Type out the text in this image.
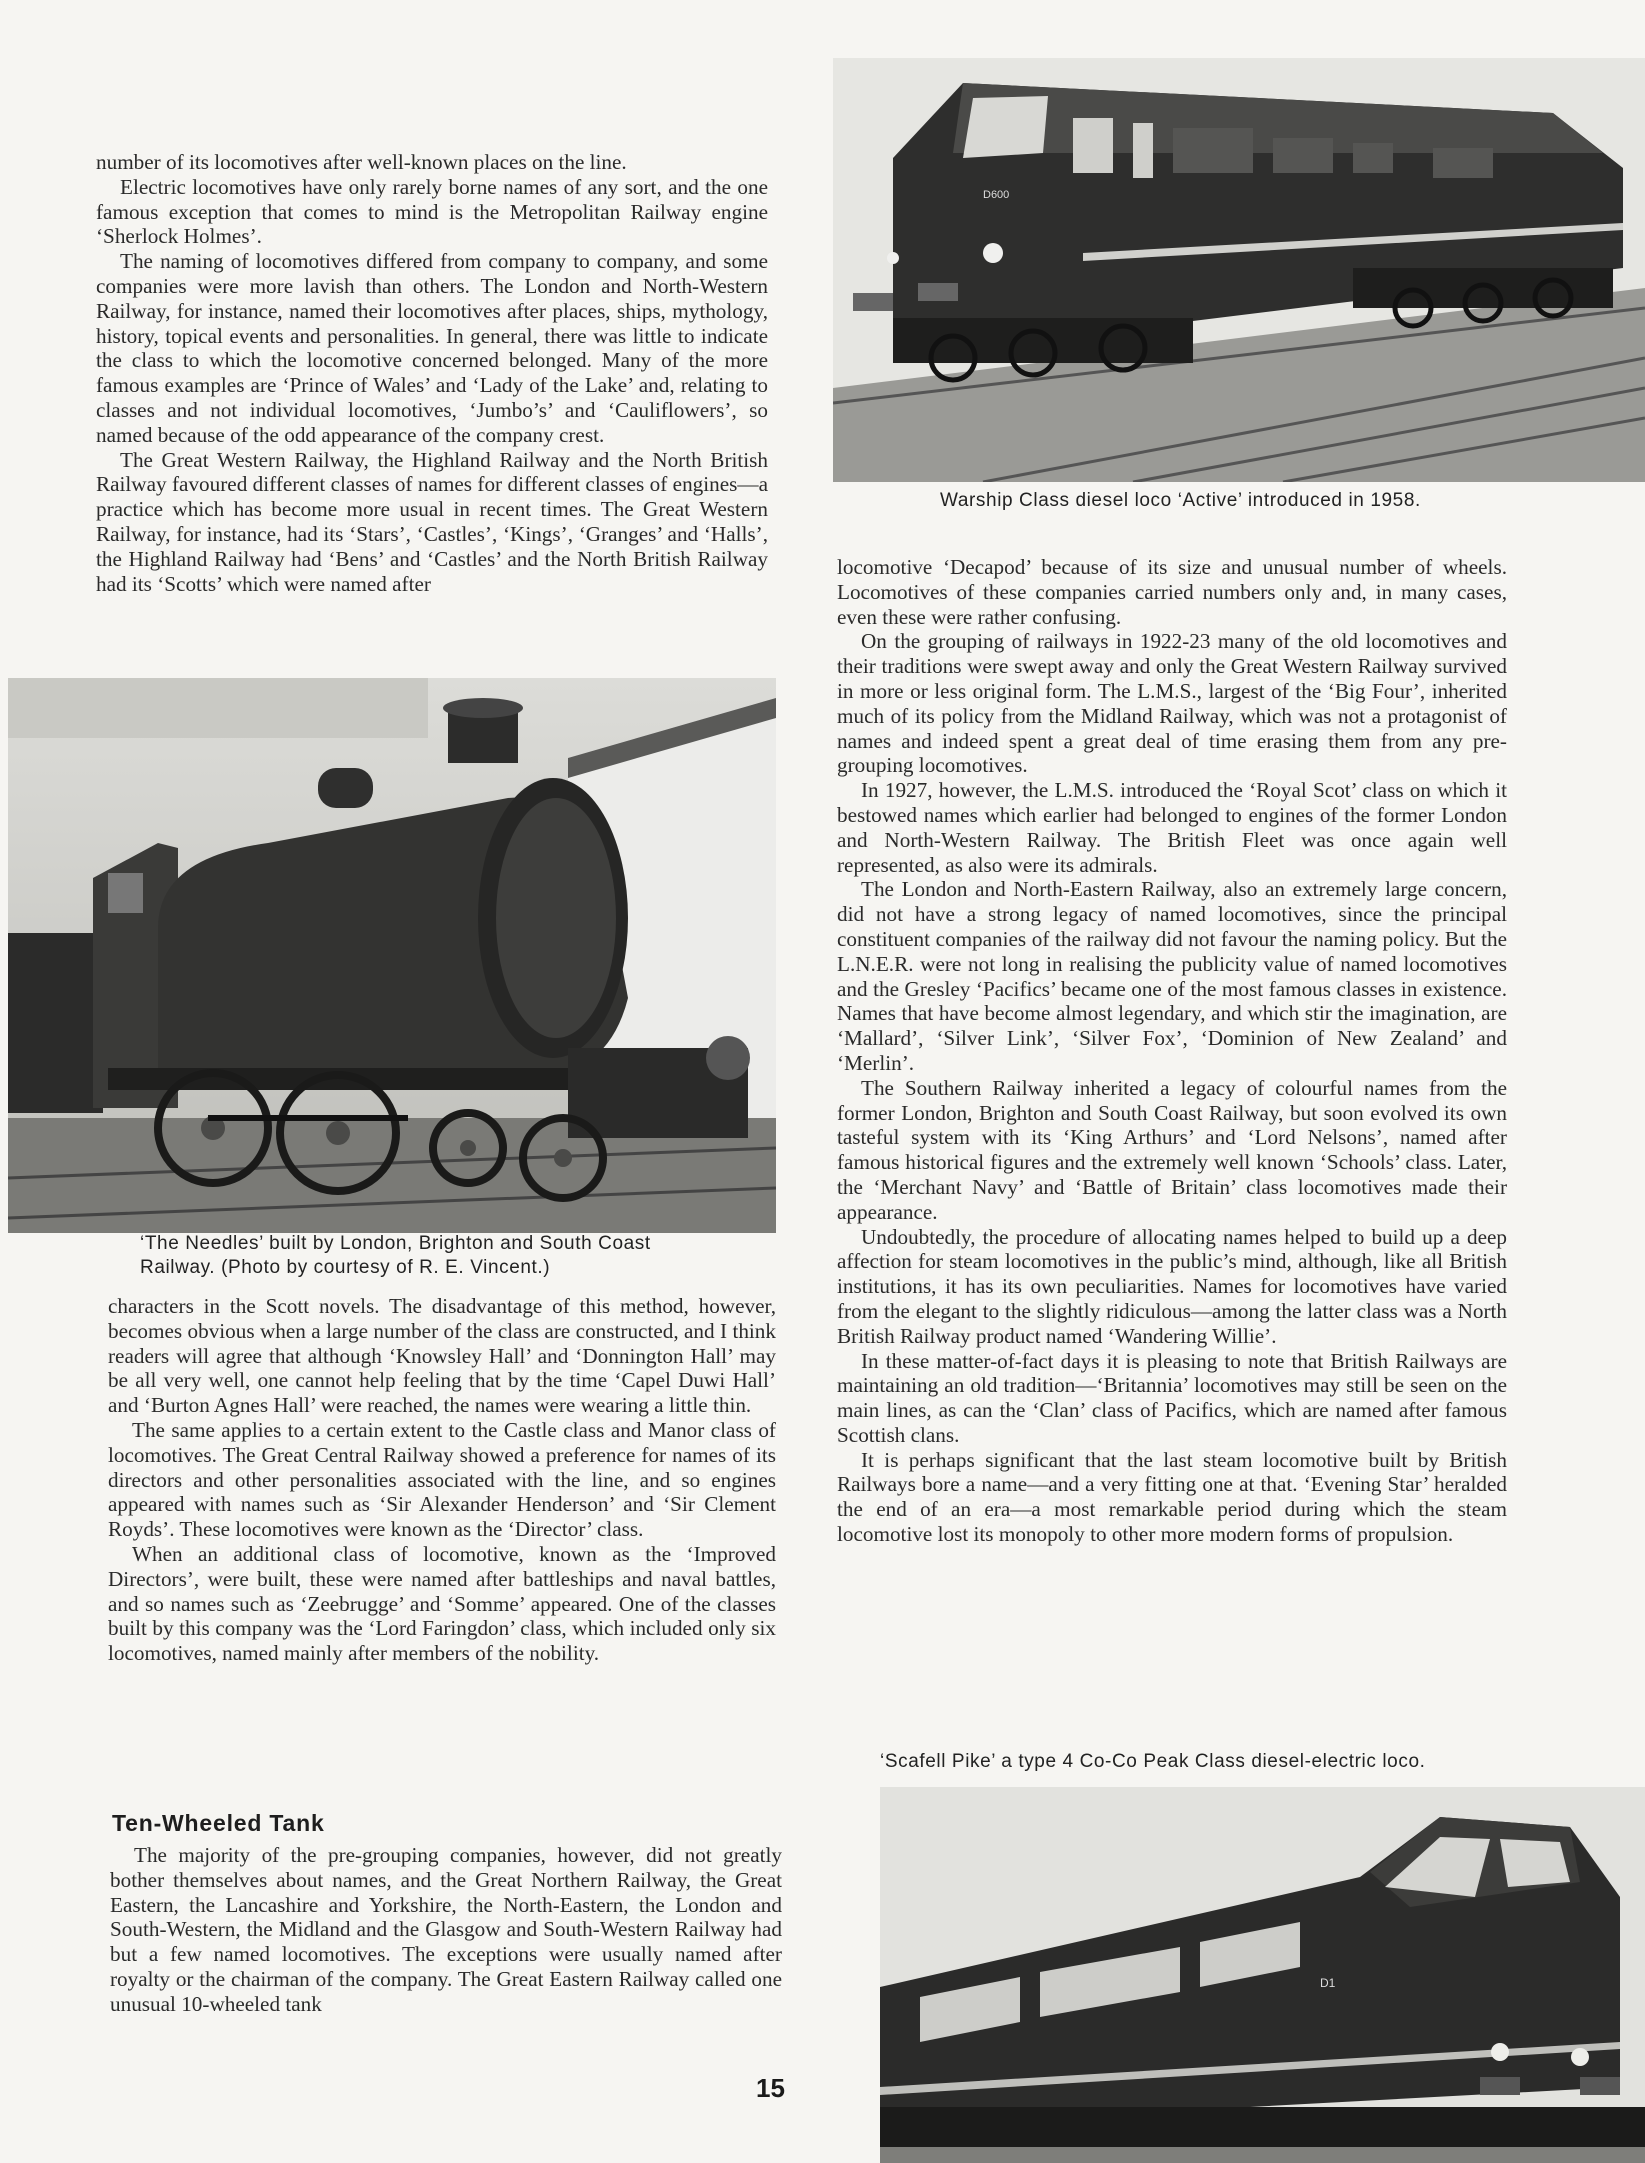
number of its locomotives after well-known places on the line.

Electric locomotives have only rarely borne names of any sort, and the one famous exception that comes to mind is the Metropolitan Railway engine ‘Sherlock Holmes’.

The naming of locomotives differed from company to company, and some companies were more lavish than others. The London and North-Western Railway, for instance, named their locomotives after places, ships, mythology, history, topical events and personalities. In general, there was little to indicate the class to which the locomotive concerned belonged. Many of the more famous examples are ‘Prince of Wales’ and ‘Lady of the Lake’ and, relating to classes and not individual locomotives, ‘Jumbo’s’ and ‘Cauliflowers’, so named because of the odd appearance of the company crest.

The Great Western Railway, the Highland Railway and the North British Railway favoured different classes of names for different classes of engines—a practice which has become more usual in recent times. The Great Western Railway, for instance, had its ‘Stars’, ‘Castles’, ‘Kings’, ‘Granges’ and ‘Halls’, the Highland Railway had ‘Bens’ and ‘Castles’ and the North British Railway had its ‘Scotts’ which were named after

‘The Needles’ built by London, Brighton and South Coast
Railway. (Photo by courtesy of R. E. Vincent.)

characters in the Scott novels. The disadvantage of this method, however, becomes obvious when a large number of the class are constructed, and I think readers will agree that although ‘Knowsley Hall’ and ‘Donnington Hall’ may be all very well, one cannot help feeling that by the time ‘Capel Duwi Hall’ and ‘Burton Agnes Hall’ were reached, the names were wearing a little thin.

The same applies to a certain extent to the Castle class and Manor class of locomotives. The Great Central Railway showed a preference for names of its directors and other personalities associated with the line, and so engines appeared with names such as ‘Sir Alexander Henderson’ and ‘Sir Clement Royds’. These locomotives were known as the ‘Director’ class.

When an additional class of locomotive, known as the ‘Improved Directors’, were built, these were named after battleships and naval battles, and so names such as ‘Zeebrugge’ and ‘Somme’ appeared. One of the classes built by this company was the ‘Lord Faringdon’ class, which included only six locomotives, named mainly after members of the nobility.

Ten-Wheeled Tank

The majority of the pre-grouping companies, however, did not greatly bother themselves about names, and the Great Northern Railway, the Great Eastern, the Lancashire and Yorkshire, the North-Eastern, the London and South-Western, the Midland and the Glasgow and South-Western Railway had but a few named locomotives. The exceptions were usually named after royalty or the chairman of the company. The Great Eastern Railway called one unusual 10-wheeled tank

D600
Warship Class diesel loco ‘Active’ introduced in 1958.

locomotive ‘Decapod’ because of its size and unusual number of wheels. Locomotives of these companies carried numbers only and, in many cases, even these were rather confusing.

On the grouping of railways in 1922-23 many of the old locomotives and their traditions were swept away and only the Great Western Railway survived in more or less original form. The L.M.S., largest of the ‘Big Four’, inherited much of its policy from the Midland Railway, which was not a protagonist of names and indeed spent a great deal of time erasing them from any pre-grouping locomotives.

In 1927, however, the L.M.S. introduced the ‘Royal Scot’ class on which it bestowed names which earlier had belonged to engines of the former London and North-Western Railway. The British Fleet was once again well represented, as also were its admirals.

The London and North-Eastern Railway, also an extremely large concern, did not have a strong legacy of named locomotives, since the principal constituent companies of the railway did not favour the naming policy. But the L.N.E.R. were not long in realising the publicity value of named locomotives and the Gresley ‘Pacifics’ became one of the most famous classes in existence. Names that have become almost legendary, and which stir the imagination, are ‘Mallard’, ‘Silver Link’, ‘Silver Fox’, ‘Dominion of New Zealand’ and ‘Merlin’.

The Southern Railway inherited a legacy of colourful names from the former London, Brighton and South Coast Railway, but soon evolved its own tasteful system with its ‘King Arthurs’ and ‘Lord Nelsons’, named after famous historical figures and the extremely well known ‘Schools’ class. Later, the ‘Merchant Navy’ and ‘Battle of Britain’ class locomotives made their appearance.

Undoubtedly, the procedure of allocating names helped to build up a deep affection for steam locomotives in the public’s mind, although, like all British institutions, it has its own peculiarities. Names for locomotives have varied from the elegant to the slightly ridiculous—among the latter class was a North British Railway product named ‘Wandering Willie’.

In these matter-of-fact days it is pleasing to note that British Railways are maintaining an old tradition—‘Britannia’ locomotives may still be seen on the main lines, as can the ‘Clan’ class of Pacifics, which are named after famous Scottish clans.

It is perhaps significant that the last steam locomotive built by British Railways bore a name—and a very fitting one at that. ‘Evening Star’ heralded the end of an era—a most remarkable period during which the steam locomotive lost its monopoly to other more modern forms of propulsion.

‘Scafell Pike’ a type 4 Co-Co Peak Class diesel-electric loco.
D1
15
